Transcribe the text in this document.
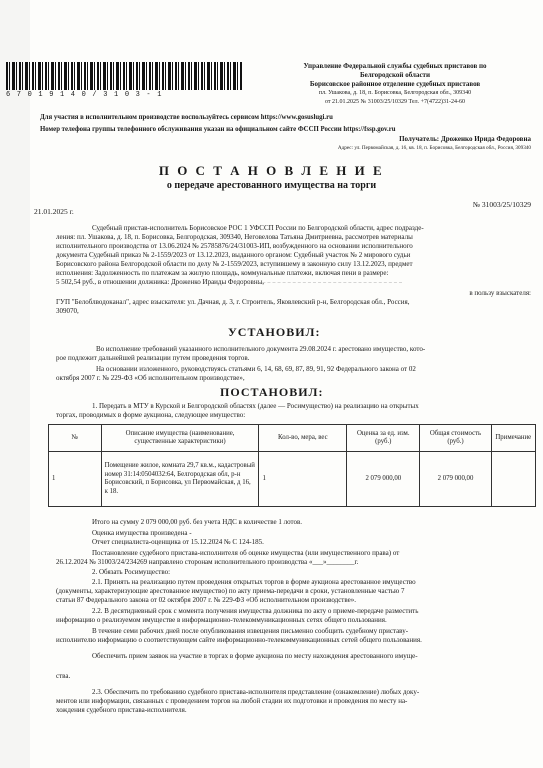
6 7 0 1 9 1 4 0 / 3 1 0 3 - 1
Управление Федеральной службы судебных приставов по
Белгородской области
Борисовское районное отделение судебных приставов
пл. Ушакова, д. 18, п. Борисовка, Белгородская обл., 309340
от 21.01.2025 № 31003/25/10329 Тел. +7(4722)31-24-60
Для участия в исполнительном производстве воспользуйтесь сервисом https://www.gosuslugi.ru
Номер телефона группы телефонного обслуживания указан на официальном сайте ФССП России https://fssp.gov.ru
Получатель: Дроженко Ирида Федоровна
Адрес: ул. Первомайская, д. 16, кв. 18, п. Борисовка, Белгородская обл., Россия, 309340
П О С Т А Н О В Л Е Н И Е
о передаче арестованного имущества на торги
21.01.2025 г.
№ 31003/25/10329
Судебный пристав-исполнитель Борисовское РОС 1 УФССП России по Белгородской области, адрес подразде-
ления: пл. Ушакова, д. 18, п. Борисовка, Белгородская, 309340, Неговелова Татьяна Дмитриевна, рассмотрев материалы
исполнительного производства от 13.06.2024 № 25785876/24/31003-ИП, возбужденного на основании исполнительного
документа Судебный приказ № 2-1559/2023 от 13.12.2023, выданного органом: Судебный участок № 2 мирового судьи
Борисовского района Белгородской области по делу № 2-1559/2023, вступившему в законную силу 13.12.2023, предмет
исполнения: Задолженность по платежам за жилую площадь, коммунальные платежи, включая пени в размере:
5 502,54 руб., в отношении должника: Дроженко Ираиды Федоровны,
в пользу взыскателя:
ГУП "Белоблводоканал", адрес взыскателя: ул. Дачная, д. 3, г. Строитель, Яковлевский р-н, Белгородская обл., Россия,
309070,
УСТАНОВИЛ:
Во исполнение требований указанного исполнительного документа 29.08.2024 г. арестовано имущество, кото-
рое подлежит дальнейшей реализации путем проведения торгов.
На основании изложенного, руководствуясь статьями 6, 14, 68, 69, 87, 89, 91, 92 Федерального закона от 02
октября 2007 г. № 229-ФЗ «Об исполнительном производстве»,
ПОСТАНОВИЛ:
1. Передать в МТУ в Курской и Белгородской областях (далее — Росимущество) на реализацию на открытых
торгах, проводимых в форме аукциона, следующее имущество:
№	Описание имущества (наименование, существенные характеристики)	Кол-во, мера, вес	Оценка за ед. изм. (руб.)	Общая стоимость (руб.)	Примечание
1	Помещение жилое, комната 29,7 кв.м., кадастровый номер 31:14:0504032:64, Белгородская обл, р-н Борисовский, п Борисовка, ул Первомайская, д 16, к 18.	1	2 079 000,00	2 079 000,00	
Итого на сумму 2 079 000,00 руб. без учета НДС в количестве 1 лотов.
Оценка имущества произведена -
Отчет специалиста-оценщика от 15.12.2024 № С 124-185.
Постановление судебного пристава-исполнителя об оценке имущества (или имущественного права) от
26.12.2024 № 31003/24/234269 направлено сторонам исполнительного производства «___»________г.
2. Обязать Росимущество:
2.1. Принять на реализацию путем проведения открытых торгов в форме аукциона арестованное имущество
(документы, характеризующие арестованное имущество) по акту приема-передачи в сроки, установленные частью 7
статьи 87 Федерального закона от 02 октября 2007 г. № 229-ФЗ «Об исполнительном производстве».
2.2. В десятидневный срок с момента получения имущества должника по акту о приеме-передаче разместить
информацию о реализуемом имуществе в информационно-телекоммуникационных сетях общего пользования.
В течение семи рабочих дней после опубликования извещения письменно сообщить судебному приставу-
исполнителю информацию о соответствующем сайте информационно-телекоммуникационных сетей общего пользования.
Обеспечить прием заявок на участие в торгах в форме аукциона по месту нахождения арестованного имуще-
ства.
2.3. Обеспечить по требованию судебного пристава-исполнителя представление (ознакомление) любых доку-
ментов или информации, связанных с проведением торгов на любой стадии их подготовки и проведения по месту на-
хождения судебного пристава-исполнителя.
